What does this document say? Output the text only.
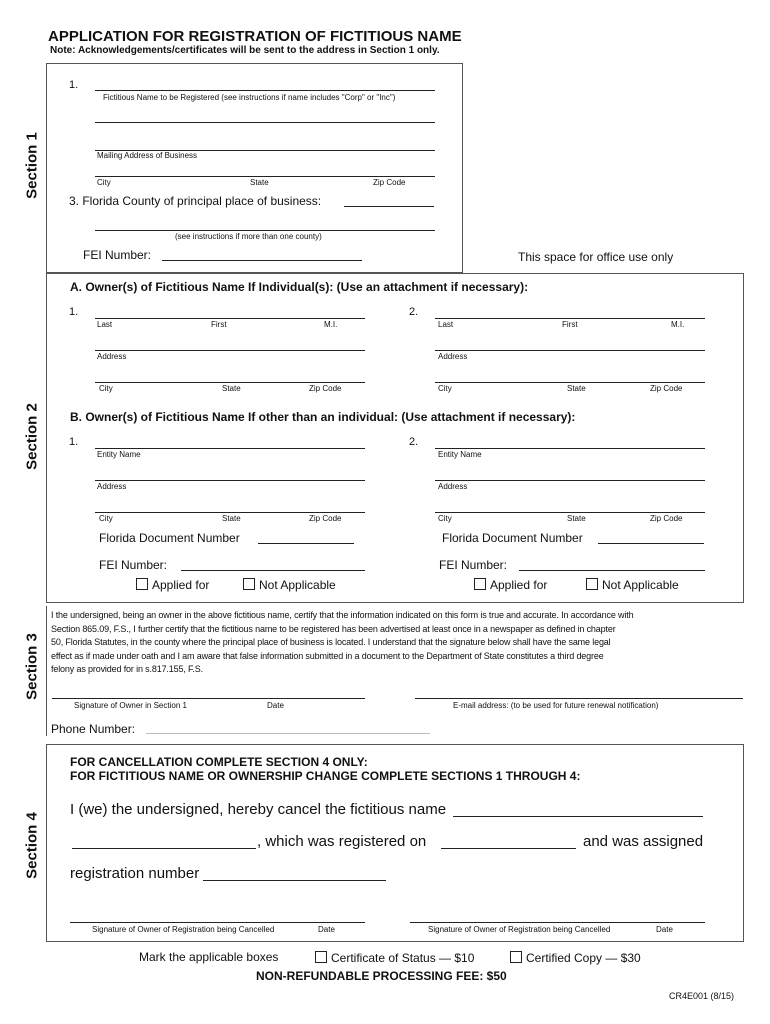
APPLICATION FOR REGISTRATION OF FICTITIOUS NAME
Note: Acknowledgements/certificates will be sent to the address in Section 1 only.
Section 1
1.
Fictitious Name to be Registered (see instructions if name includes "Corp" or "Inc")
Mailing Address of Business
City	State	Zip Code
3. Florida County of principal place of business:
(see instructions if more than one county)
FEI Number:	This space for office use only
Section 2
A. Owner(s) of Fictitious Name If Individual(s): (Use an attachment if necessary):
1.
Last	First	M.I.
Address
City	State	Zip Code
2.
Last	First	M.I.
Address
City	State	Zip Code
B. Owner(s) of Fictitious Name If other than an individual: (Use attachment if necessary):
1.
Entity Name
Address
City	State	Zip Code
Florida Document Number
FEI Number:
Applied for	Not Applicable
2.
Entity Name
Address
City	State	Zip Code
Florida Document Number
FEI Number:
Applied for	Not Applicable
Section 3
I the undersigned, being an owner in the above fictitious name, certify that the information indicated on this form is true and accurate. In accordance with
Section 865.09, F.S., I further certify that the fictitious name to be registered has been advertised at least once in a newspaper as defined in chapter
50, Florida Statutes, in the county where the principal place of business is located. I understand that the signature below shall have the same legal
effect as if made under oath and I am aware that false information submitted in a document to the Department of State constitutes a third degree
felony as provided for in s.817.155, F.S.
Signature of Owner in Section 1	Date	E-mail address: (to be used for future renewal notification)
Phone Number:
Section 4
FOR CANCELLATION COMPLETE SECTION 4 ONLY:
FOR FICTITIOUS NAME OR OWNERSHIP CHANGE COMPLETE SECTIONS 1 THROUGH 4:
I (we) the undersigned, hereby cancel the fictitious name
, which was registered on	and was assigned
registration number
Signature of Owner of Registration being Cancelled	Date	Signature of Owner of Registration being Cancelled	Date
Mark the applicable boxes	Certificate of Status — $10	Certified Copy — $30
NON-REFUNDABLE PROCESSING FEE: $50
CR4E001 (8/15)
